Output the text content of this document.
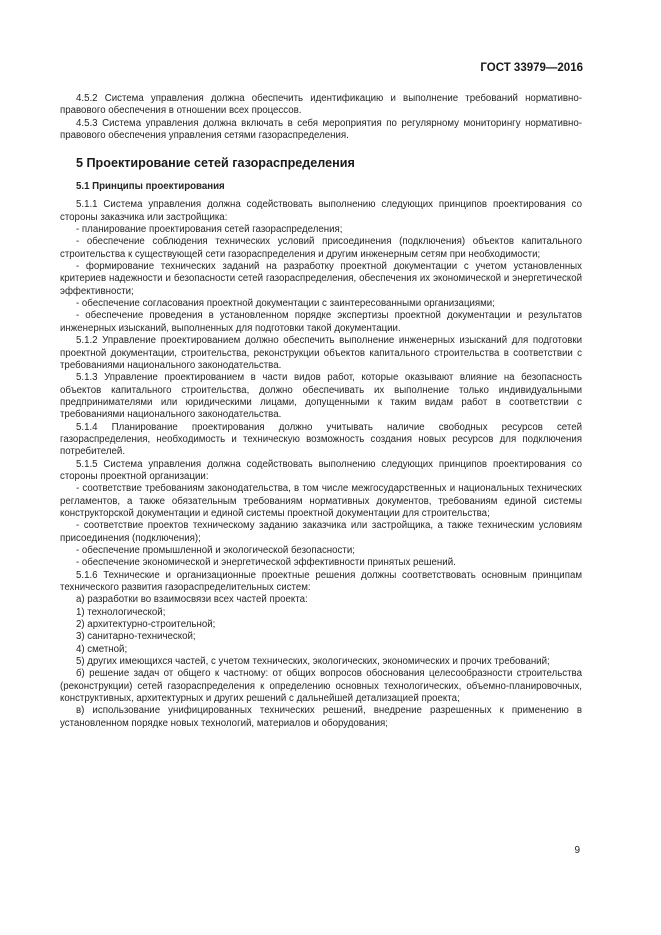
ГОСТ 33979—2016

4.5.2 Система управления должна обеспечить идентификацию и выполнение требований нормативно-правового обеспечения в отношении всех процессов.

4.5.3 Система управления должна включать в себя мероприятия по регулярному мониторингу нормативно-правового обеспечения управления сетями газораспределения.

5 Проектирование сетей газораспределения
5.1 Принципы проектирования

5.1.1 Система управления должна содействовать выполнению следующих принципов проектирования со стороны заказчика или застройщика:

- планирование проектирования сетей газораспределения;

- обеспечение соблюдения технических условий присоединения (подключения) объектов капитального строительства к существующей сети газораспределения и другим инженерным сетям при необходимости;

- формирование технических заданий на разработку проектной документации с учетом установленных критериев надежности и безопасности сетей газораспределения, обеспечения их экономической и энергетической эффективности;

- обеспечение согласования проектной документации с заинтересованными организациями;

- обеспечение проведения в установленном порядке экспертизы проектной документации и результатов инженерных изысканий, выполненных для подготовки такой документации.

5.1.2 Управление проектированием должно обеспечить выполнение инженерных изысканий для подготовки проектной документации, строительства, реконструкции объектов капитального строительства в соответствии с требованиями национального законодательства.

5.1.3 Управление проектированием в части видов работ, которые оказывают влияние на безопасность объектов капитального строительства, должно обеспечивать их выполнение только индивидуальными предпринимателями или юридическими лицами, допущенными к таким видам работ в соответствии с требованиями национального законодательства.

5.1.4 Планирование проектирования должно учитывать наличие свободных ресурсов сетей газораспределения, необходимость и техническую возможность создания новых ресурсов для подключения потребителей.

5.1.5 Система управления должна содействовать выполнению следующих принципов проектирования со стороны проектной организации:

- соответствие требованиям законодательства, в том числе межгосударственных и национальных технических регламентов, а также обязательным требованиям нормативных документов, требованиям единой системы конструкторской документации и единой системы проектной документации для строительства;

- соответствие проектов техническому заданию заказчика или застройщика, а также техническим условиям присоединения (подключения);

- обеспечение промышленной и экологической безопасности;

- обеспечение экономической и энергетической эффективности принятых решений.

5.1.6 Технические и организационные проектные решения должны соответствовать основным принципам технического развития газораспределительных систем:

а) разработки во взаимосвязи всех частей проекта:

1) технологической;

2) архитектурно-строительной;

3) санитарно-технической;

4) сметной;

5) других имеющихся частей, с учетом технических, экологических, экономических и прочих требований;

б) решение задач от общего к частному: от общих вопросов обоснования целесообразности строительства (реконструкции) сетей газораспределения к определению основных технологических, объемно-планировочных, конструктивных, архитектурных и других решений с дальнейшей детализацией проекта;

в) использование унифицированных технических решений, внедрение разрешенных к применению в установленном порядке новых технологий, материалов и оборудования;

9
